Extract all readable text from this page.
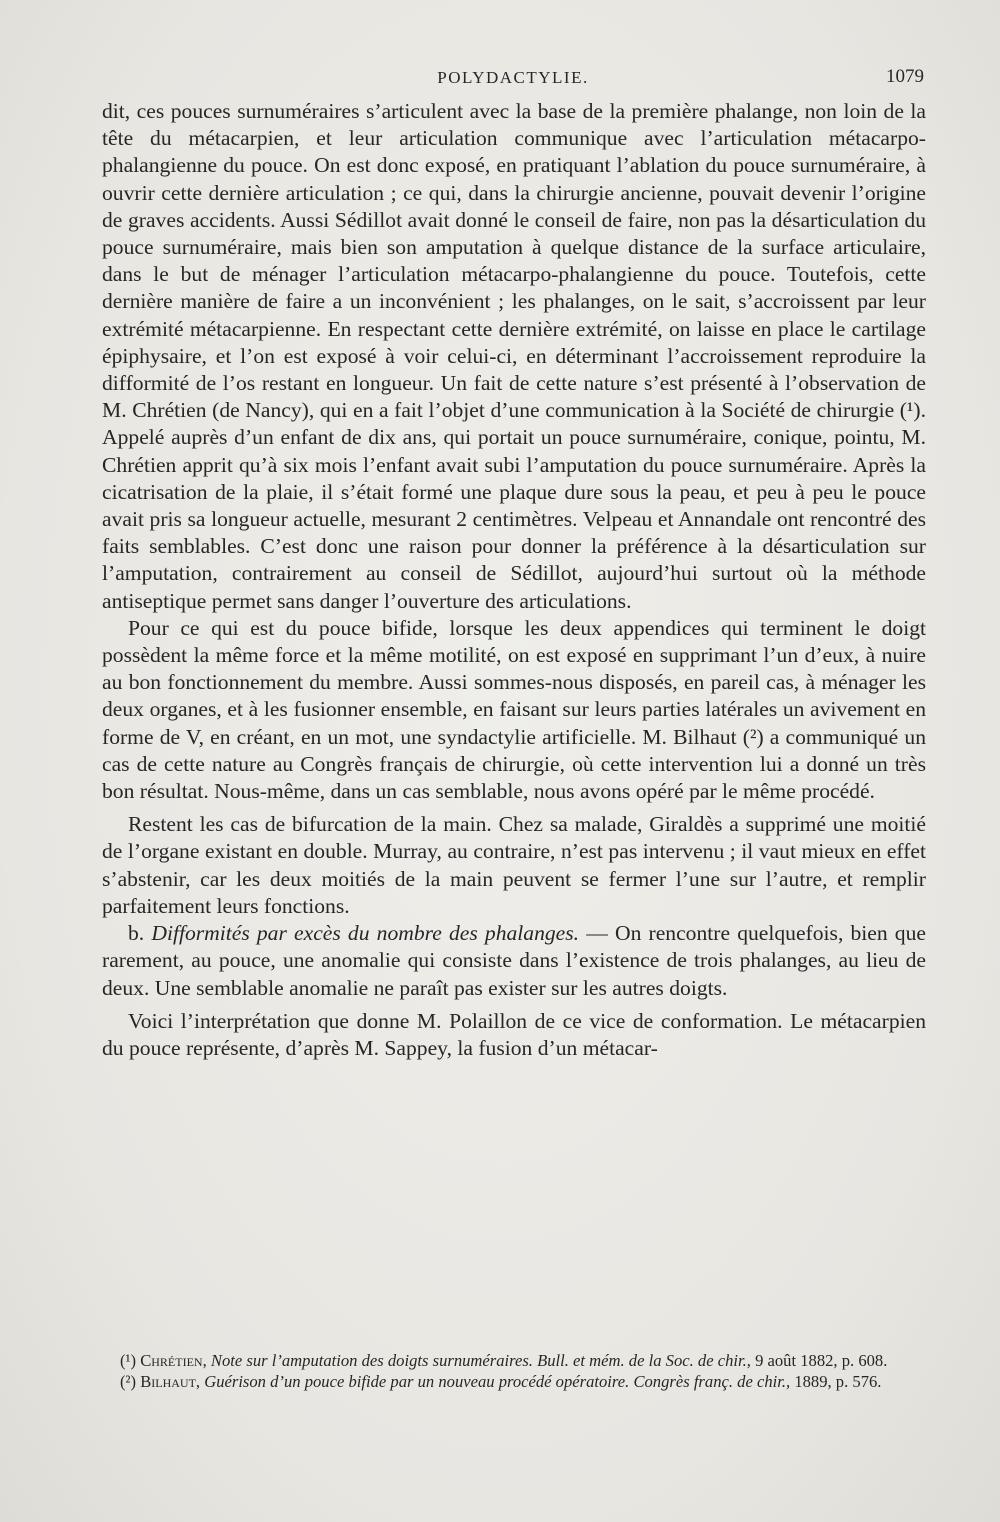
POLYDACTYLIE.	1079

dit, ces pouces surnuméraires s’articulent avec la base de la première phalange, non loin de la tête du métacarpien, et leur articulation communique avec l’articulation métacarpo-phalangienne du pouce. On est donc exposé, en pratiquant l’ablation du pouce surnuméraire, à ouvrir cette dernière articulation ; ce qui, dans la chirurgie ancienne, pouvait devenir l’origine de graves accidents. Aussi Sédillot avait donné le conseil de faire, non pas la désarticulation du pouce surnuméraire, mais bien son amputation à quelque distance de la surface articulaire, dans le but de ménager l’articulation métacarpo-phalangienne du pouce. Toutefois, cette dernière manière de faire a un inconvénient ; les phalanges, on le sait, s’accroissent par leur extrémité métacarpienne. En respectant cette dernière extrémité, on laisse en place le cartilage épiphysaire, et l’on est exposé à voir celui-ci, en déterminant l’accroissement reproduire la difformité de l’os restant en longueur. Un fait de cette nature s’est présenté à l’observation de M. Chrétien (de Nancy), qui en a fait l’objet d’une communication à la Société de chirurgie (¹). Appelé auprès d’un enfant de dix ans, qui portait un pouce surnuméraire, conique, pointu, M. Chrétien apprit qu’à six mois l’enfant avait subi l’amputation du pouce surnuméraire. Après la cicatrisation de la plaie, il s’était formé une plaque dure sous la peau, et peu à peu le pouce avait pris sa longueur actuelle, mesurant 2 centimètres. Velpeau et Annandale ont rencontré des faits semblables. C’est donc une raison pour donner la préférence à la désarticulation sur l’amputation, contrairement au conseil de Sédillot, aujourd’hui surtout où la méthode antiseptique permet sans danger l’ouverture des articulations.

Pour ce qui est du pouce bifide, lorsque les deux appendices qui terminent le doigt possèdent la même force et la même motilité, on est exposé en supprimant l’un d’eux, à nuire au bon fonctionnement du membre. Aussi sommes-nous disposés, en pareil cas, à ménager les deux organes, et à les fusionner ensemble, en faisant sur leurs parties latérales un avivement en forme de V, en créant, en un mot, une syndactylie artificielle. M. Bilhaut (²) a communiqué un cas de cette nature au Congrès français de chirurgie, où cette intervention lui a donné un très bon résultat. Nous-même, dans un cas semblable, nous avons opéré par le même procédé.

Restent les cas de bifurcation de la main. Chez sa malade, Giraldès a supprimé une moitié de l’organe existant en double. Murray, au contraire, n’est pas intervenu ; il vaut mieux en effet s’abstenir, car les deux moitiés de la main peuvent se fermer l’une sur l’autre, et remplir parfaitement leurs fonctions.

b. Difformités par excès du nombre des phalanges. — On rencontre quelquefois, bien que rarement, au pouce, une anomalie qui consiste dans l’existence de trois phalanges, au lieu de deux. Une semblable anomalie ne paraît pas exister sur les autres doigts.

Voici l’interprétation que donne M. Polaillon de ce vice de conformation. Le métacarpien du pouce représente, d’après M. Sappey, la fusion d’un métacar-

(¹) Chrétien, Note sur l’amputation des doigts surnuméraires. Bull. et mém. de la Soc. de chir., 9 août 1882, p. 608.

(²) Bilhaut, Guérison d’un pouce bifide par un nouveau procédé opératoire. Congrès franç. de chir., 1889, p. 576.
